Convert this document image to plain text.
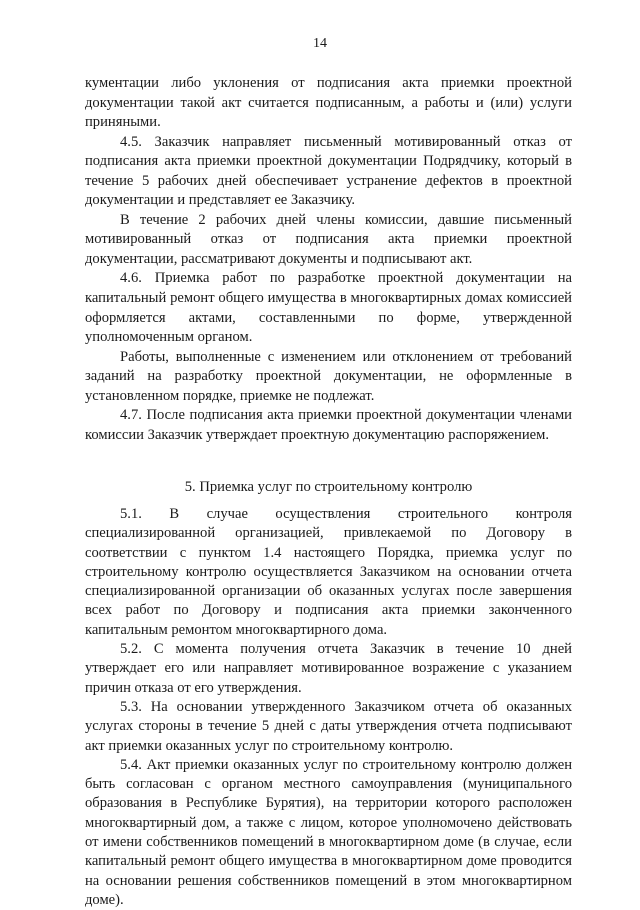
14

кументации либо уклонения от подписания акта приемки проектной документации такой акт считается подписанным, а работы и (или) услуги приняными.

4.5. Заказчик направляет письменный мотивированный отказ от подписания акта приемки проектной документации Подрядчику, который в течение 5 рабочих дней обеспечивает устранение дефектов в проектной документации и представляет ее Заказчику.

В течение 2 рабочих дней члены комиссии, давшие письменный мотивированный отказ от подписания акта приемки проектной документации, рассматривают документы и подписывают акт.

4.6. Приемка работ по разработке проектной документации на капитальный ремонт общего имущества в многоквартирных домах комиссией оформляется актами, составленными по форме, утвержденной уполномоченным органом.

Работы, выполненные с изменением или отклонением от требований заданий на разработку проектной документации, не оформленные в установленном порядке, приемке не подлежат.

4.7. После подписания акта приемки проектной документации членами комиссии Заказчик утверждает проектную документацию распоряжением.

5. Приемка услуг по строительному контролю

5.1. В случае осуществления строительного контроля специализированной организацией, привлекаемой по Договору в соответствии с пунктом 1.4 настоящего Порядка, приемка услуг по строительному контролю осуществляется Заказчиком на основании отчета специализированной организации об оказанных услугах после завершения всех работ по Договору и подписания акта приемки законченного капитальным ремонтом многоквартирного дома.

5.2. С момента получения отчета Заказчик в течение 10 дней утверждает его или направляет мотивированное возражение с указанием причин отказа от его утверждения.

5.3. На основании утвержденного Заказчиком отчета об оказанных услугах стороны в течение 5 дней с даты утверждения отчета подписывают акт приемки оказанных услуг по строительному контролю.

5.4. Акт приемки оказанных услуг по строительному контролю должен быть согласован с органом местного самоуправления (муниципального образования в Республике Бурятия), на территории которого расположен многоквартирный дом, а также с лицом, которое уполномочено действовать от имени собственников помещений в многоквартирном доме (в случае, если капитальный ремонт общего имущества в многоквартирном доме проводится на основании решения собственников помещений в этом многоквартирном доме).
